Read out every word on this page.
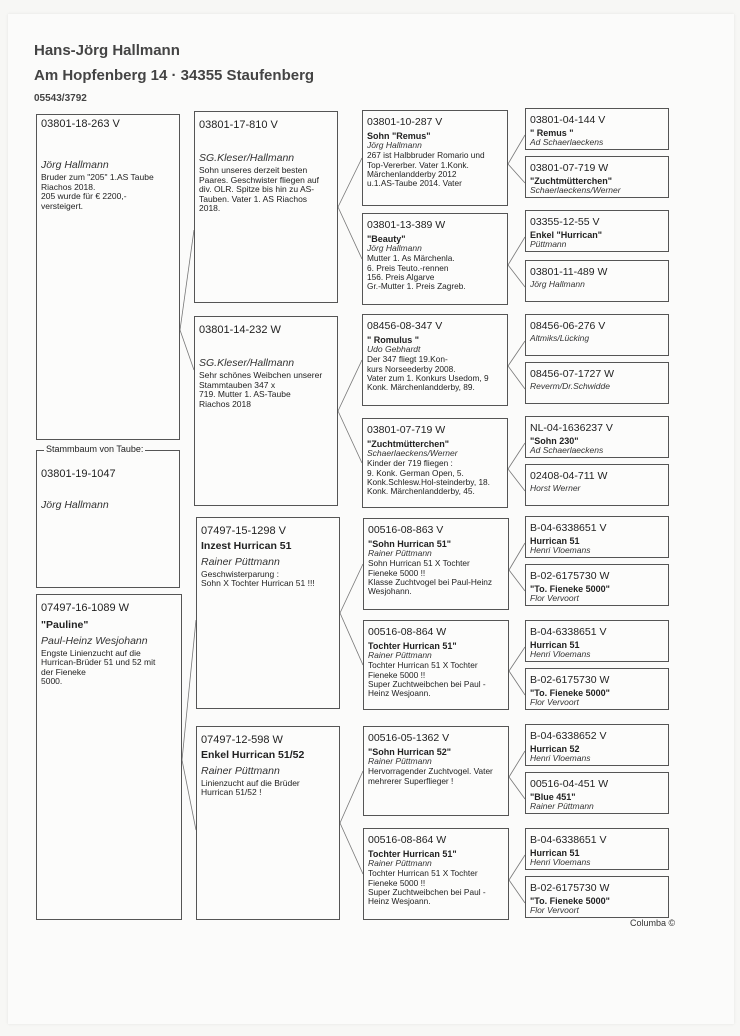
Hans-Jörg Hallmann
Am Hopfenberg 14 · 34355 Staufenberg
05543/3792
03801-18-263 V
Jörg Hallmann
Bruder zum "205" 1.AS Taube
Riachos 2018.
205 wurde für € 2200,-
versteigert.
03801-19-1047
Jörg Hallmann
Stammbaum von Taube:
07497-16-1089 W
"Pauline"
Paul-Heinz Wesjohann
Engste Linienzucht auf die
Hurrican-Brüder 51 und 52 mit
der Fieneke
5000.
03801-17-810 V
SG.Kleser/Hallmann
Sohn unseres derzeit besten
Paares. Geschwister fliegen auf
div. OLR. Spitze bis hin zu AS-
Tauben. Vater 1. AS Riachos
2018.
03801-14-232 W
SG.Kleser/Hallmann
Sehr schönes Weibchen unserer
Stammtauben 347 x
719. Mutter 1. AS-Taube
Riachos 2018
07497-15-1298 V
Inzest Hurrican 51
Rainer Püttmann
Geschwisterparung :
Sohn X Tochter Hurrican 51 !!!
07497-12-598 W
Enkel Hurrican 51/52
Rainer Püttmann
Linienzucht auf die Brüder
Hurrican 51/52 !
03801-10-287 V
Sohn "Remus"
Jörg Hallmann
267 ist Halbbruder Romario und
Top-Vererber. Vater 1.Konk.
Märchenlandderby 2012
u.1.AS-Taube 2014. Vater
03801-13-389 W
"Beauty"
Jörg Hallmann
Mutter 1. As Märchenla.
6. Preis Teuto.-rennen
156. Preis Algarve
Gr.-Mutter 1. Preis Zagreb.
08456-08-347 V
" Romulus "
Udo Gebhardt
Der 347 fliegt 19.Kon-
kurs Norseederby 2008.
Vater zum 1. Konkurs Usedom, 9
Konk. Märchenlandderby, 89.
03801-07-719 W
"Zuchtmütterchen"
Schaerlaeckens/Werner
Kinder der 719 fliegen :
9. Konk. German Open, 5.
Konk.Schlesw.Hol-steinderby, 18.
Konk. Märchenlandderby, 45.
00516-08-863 V
"Sohn Hurrican 51"
Rainer Püttmann
Sohn Hurrican 51 X Tochter
Fieneke 5000 !!
Klasse Zuchtvogel bei Paul-Heinz
Wesjohann.
00516-08-864 W
Tochter Hurrican 51"
Rainer Püttmann
Tochter Hurrican 51 X Tochter
Fieneke 5000 !!
Super Zuchtweibchen bei Paul -
Heinz Wesjoann.
00516-05-1362 V
"Sohn Hurrican 52"
Rainer Püttmann
Hervorragender Zuchtvogel. Vater
mehrerer Superflieger !
00516-08-864 W
Tochter Hurrican 51"
Rainer Püttmann
Tochter Hurrican 51 X Tochter
Fieneke 5000 !!
Super Zuchtweibchen bei Paul -
Heinz Wesjoann.
03801-04-144 V
" Remus "
Ad Schaerlaeckens
03801-07-719 W
"Zuchtmütterchen"
Schaerlaeckens/Werner
03355-12-55 V
Enkel "Hurrican"
Püttmann
03801-11-489 W
Jörg Hallmann
08456-06-276 V
Altmiks/Lücking
08456-07-1727 W
Reverm/Dr.Schwidde
NL-04-1636237 V
"Sohn 230"
Ad Schaerlaeckens
02408-04-711 W
Horst Werner
B-04-6338651 V
Hurrican 51
Henri Vloemans
B-02-6175730 W
"To. Fieneke 5000"
Flor Vervoort
B-04-6338651 V
Hurrican 51
Henri Vloemans
B-02-6175730 W
"To. Fieneke 5000"
Flor Vervoort
B-04-6338652 V
Hurrican 52
Henri Vloemans
00516-04-451 W
"Blue 451"
Rainer Püttmann
B-04-6338651 V
Hurrican 51
Henri Vloemans
B-02-6175730 W
"To. Fieneke 5000"
Flor Vervoort
Columba ©
